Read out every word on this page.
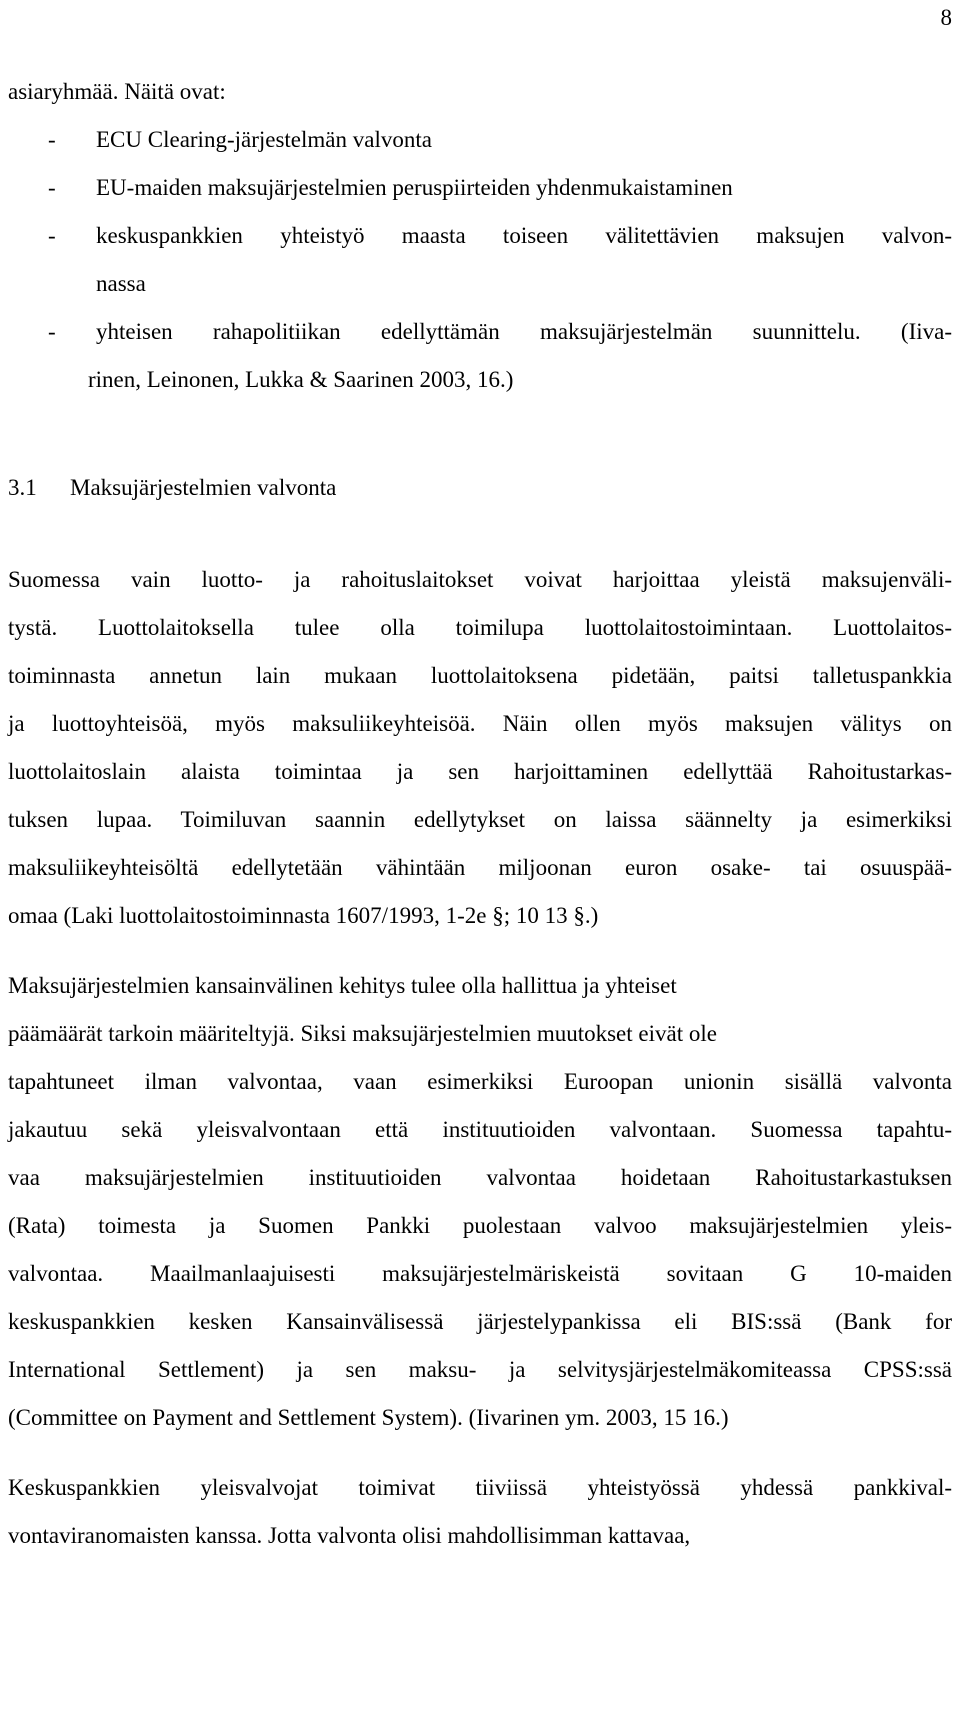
8
asiaryhmää. Näitä ovat:
- ECU Clearing-järjestelmän valvonta
- EU-maiden maksujärjestelmien peruspiirteiden yhdenmukaistaminen
- keskuspankkien yhteistyö maasta toiseen välitettävien maksujen valvon-
nassa
- yhteisen rahapolitiikan edellyttämän maksujärjestelmän suunnittelu. (Iiva-
rinen, Leinonen, Lukka & Saarinen 2003, 16.)
3.1 Maksujärjestelmien valvonta
Suomessa vain luotto- ja rahoituslaitokset voivat harjoittaa yleistä maksujenväli-
tystä. Luottolaitoksella tulee olla toimilupa luottolaitostoimintaan. Luottolaitos-
toiminnasta annetun lain mukaan luottolaitoksena pidetään, paitsi talletuspankkia
ja luottoyhteisöä, myös maksuliikeyhteisöä. Näin ollen myös maksujen välitys on
luottolaitoslain alaista toimintaa ja sen harjoittaminen edellyttää Rahoitustarkas-
tuksen lupaa. Toimiluvan saannin edellytykset on laissa säännelty ja esimerkiksi
maksuliikeyhteisöltä edellytetään vähintään miljoonan euron osake- tai osuuspää-
omaa (Laki luottolaitostoiminnasta 1607/1993, 1-2e §; 10 13 §.)
Maksujärjestelmien kansainvälinen kehitys tulee olla hallittua ja yhteiset
päämäärät tarkoin määriteltyjä. Siksi maksujärjestelmien muutokset eivät ole
tapahtuneet ilman valvontaa, vaan esimerkiksi Euroopan unionin sisällä valvonta
jakautuu sekä yleisvalvontaan että instituutioiden valvontaan. Suomessa tapahtu-
vaa maksujärjestelmien instituutioiden valvontaa hoidetaan Rahoitustarkastuksen
(Rata) toimesta ja Suomen Pankki puolestaan valvoo maksujärjestelmien yleis-
valvontaa. Maailmanlaajuisesti maksujärjestelmäriskeistä sovitaan G 10-maiden
keskuspankkien kesken Kansainvälisessä järjestelypankissa eli BIS:ssä (Bank for
International Settlement) ja sen maksu- ja selvitysjärjestelmäkomiteassa CPSS:ssä
(Committee on Payment and Settlement System). (Iivarinen ym. 2003, 15 16.)
Keskuspankkien yleisvalvojat toimivat tiiviissä yhteistyössä yhdessä pankkival-
vontaviranomaisten kanssa. Jotta valvonta olisi mahdollisimman kattavaa,
